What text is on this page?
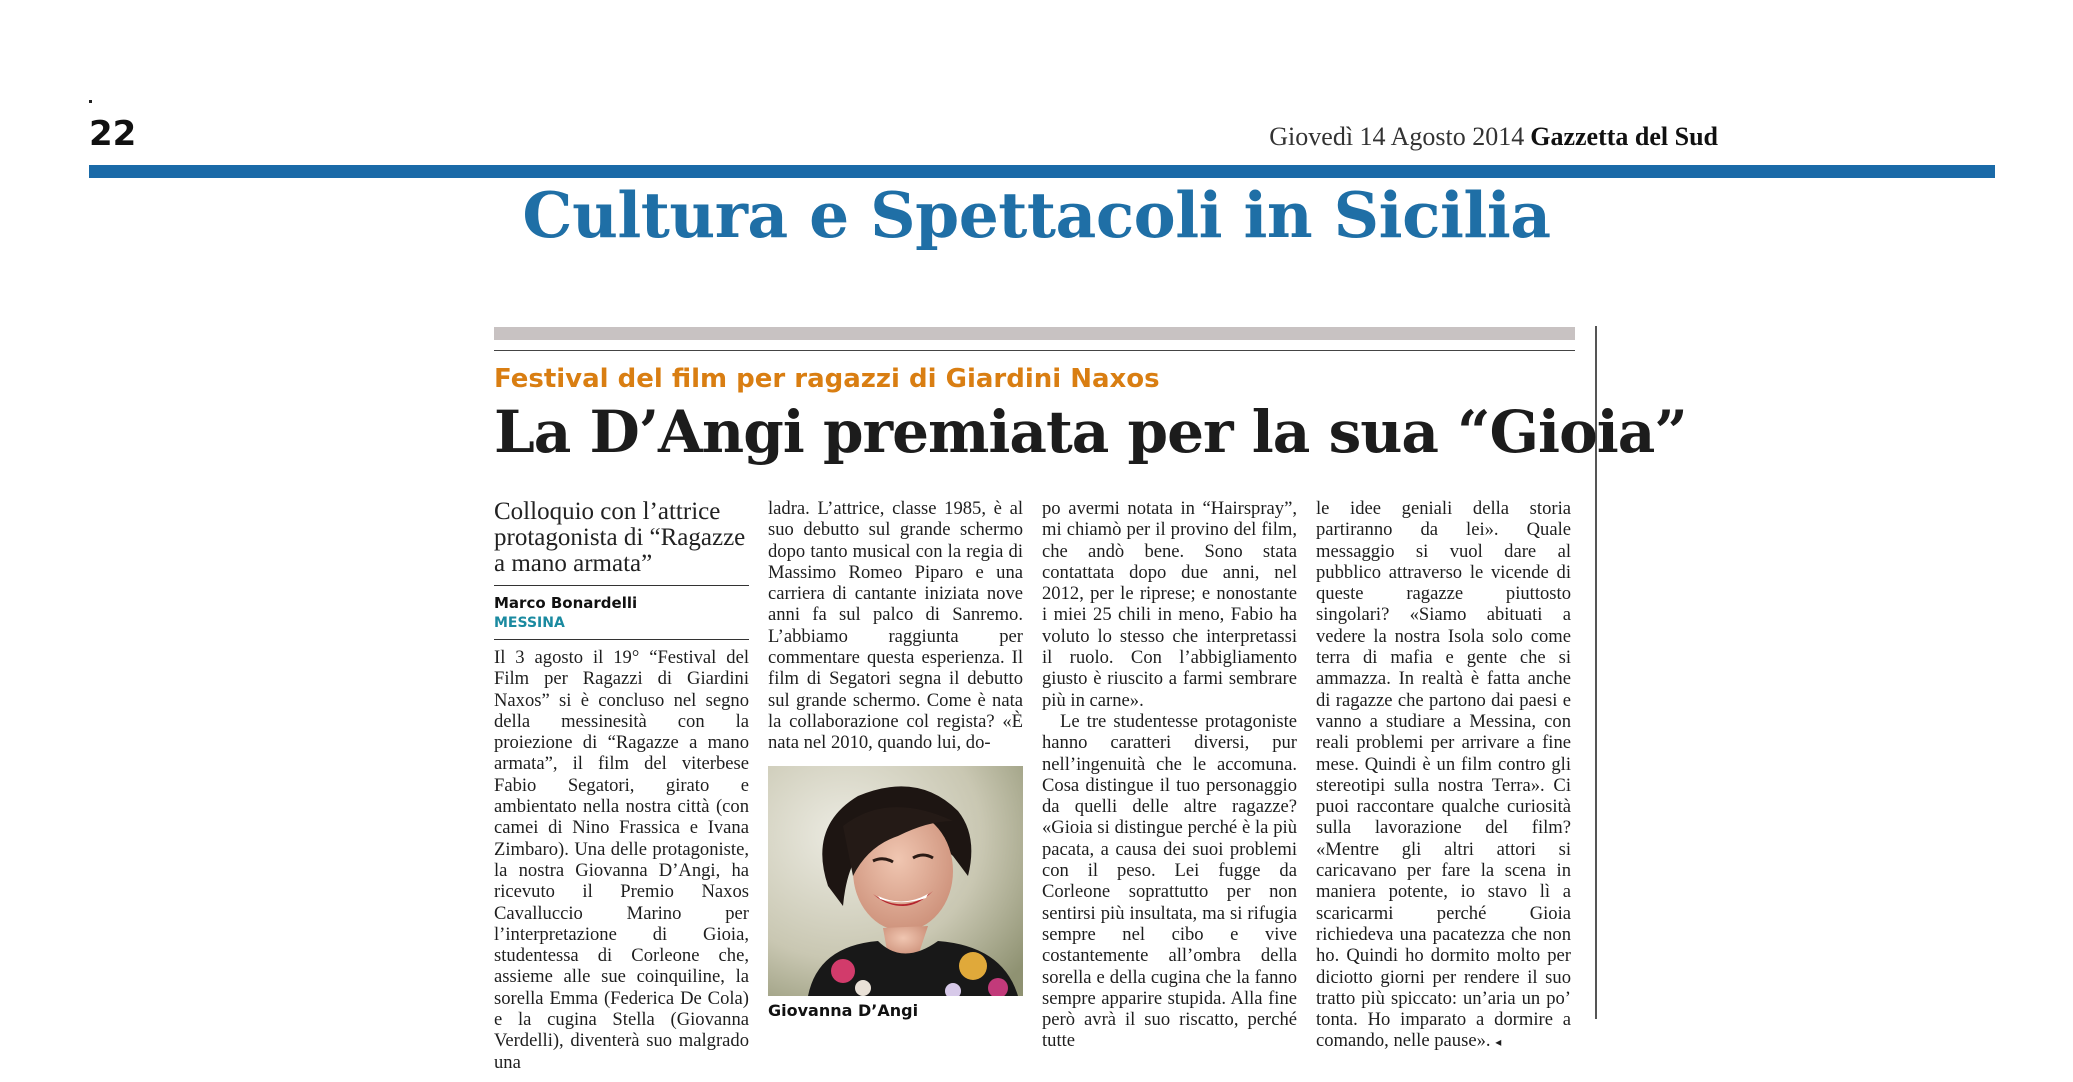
22	Giovedì 14 Agosto 2014 Gazzetta del Sud
Cultura e Spettacoli in Sicilia
Festival del film per ragazzi di Giardini Naxos
La D’Angi premiata per la sua “Gioia”
Colloquio con l’attrice protagonista di “Ragazze a mano armata”
Marco Bonardelli
MESSINA

Il 3 agosto il 19° “Festival del Film per Ragazzi di Giardini Naxos” si è concluso nel segno della messinesità con la proiezione di “Ragazze a mano armata”, il film del viterbese Fabio Segatori, girato e ambientato nella nostra città (con camei di Nino Frassica e Ivana Zimbaro). Una delle protagoniste, la nostra Giovanna D’Angi, ha ricevuto il Premio Naxos Cavalluccio Marino per l’interpretazione di Gioia, studentessa di Corleone che, assieme alle sue coinquiline, la sorella Emma (Federica De Cola) e la cugina Stella (Giovanna Verdelli), diventerà suo malgrado una

ladra. L’attrice, classe 1985, è al suo debutto sul grande schermo dopo tanto musical con la regia di Massimo Romeo Piparo e una carriera di cantante iniziata nove anni fa sul palco di Sanremo. L’abbiamo raggiunta per commentare questa esperienza. Il film di Segatori segna il debutto sul grande schermo. Come è nata la collaborazione col regista? «È nata nel 2010, quando lui, do-

Giovanna D’Angi

po avermi notata in “Hairspray”, mi chiamò per il provino del film, che andò bene. Sono stata contattata dopo due anni, nel 2012, per le riprese; e nonostante i miei 25 chili in meno, Fabio ha voluto lo stesso che interpretassi il ruolo. Con l’abbigliamento giusto è riuscito a farmi sembrare più in carne».

Le tre studentesse protagoniste hanno caratteri diversi, pur nell’ingenuità che le accomuna. Cosa distingue il tuo personaggio da quelli delle altre ragazze? «Gioia si distingue perché è la più pacata, a causa dei suoi problemi con il peso. Lei fugge da Corleone soprattutto per non sentirsi più insultata, ma si rifugia sempre nel cibo e vive costantemente all’ombra della sorella e della cugina che la fanno sempre apparire stupida. Alla fine però avrà il suo riscatto, perché tutte

le idee geniali della storia partiranno da lei». Quale messaggio si vuol dare al pubblico attraverso le vicende di queste ragazze piuttosto singolari? «Siamo abituati a vedere la nostra Isola solo come terra di mafia e gente che si ammazza. In realtà è fatta anche di ragazze che partono dai paesi e vanno a studiare a Messina, con reali problemi per arrivare a fine mese. Quindi è un film contro gli stereotipi sulla nostra Terra». Ci puoi raccontare qualche curiosità sulla lavorazione del film? «Mentre gli altri attori si caricavano per fare la scena in maniera potente, io stavo lì a scaricarmi perché Gioia richiedeva una pacatezza che non ho. Quindi ho dormito molto per diciotto giorni per rendere il suo tratto più spiccato: un’aria un po’ tonta. Ho imparato a dormire a comando, nelle pause». ◂
